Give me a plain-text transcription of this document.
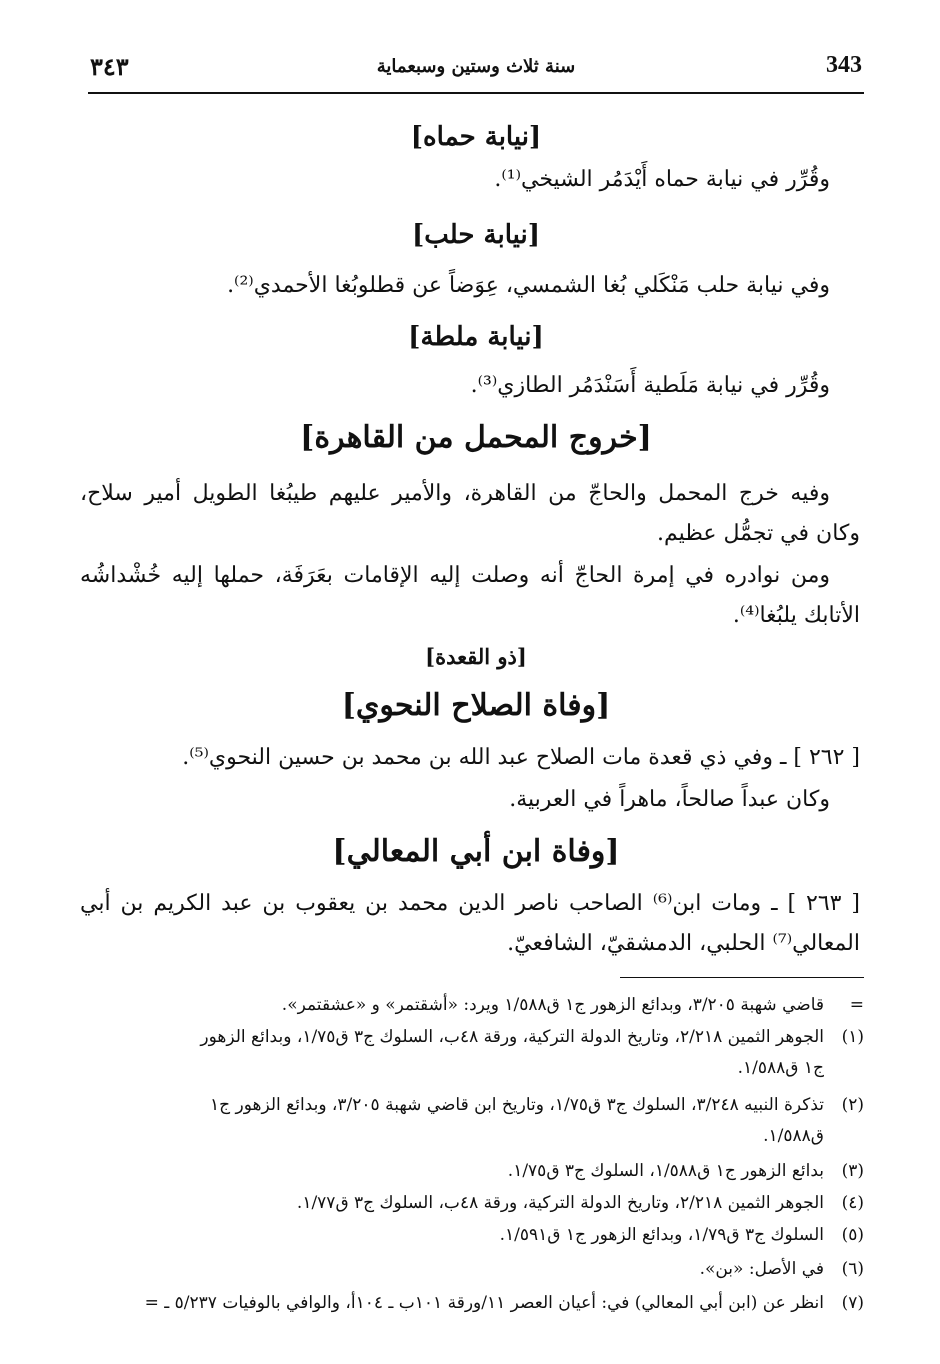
343
سنة ثلاث وستين وسبعماية
٣٤٣
[نيابة حماه]
وقُرِّر في نيابة حماه أَيْدَمُر الشيخي⁽¹⁾.
[نيابة حلب]
وفي نيابة حلب مَنْكَلي بُغا الشمسي، عِوَضاً عن قطلوبُغا الأحمدي⁽²⁾.
[نيابة ملطة]
وقُرِّر في نيابة مَلَطية أَسَنْدَمُر الطازي⁽³⁾.
[خروج المحمل من القاهرة]
وفيه خرج المحمل والحاجّ من القاهرة، والأمير عليهم طيبُغا الطويل أمير سلاح، وكان في تجمُّل عظيم.
ومن نوادره في إمرة الحاجّ أنه وصلت إليه الإقامات بعَرَفَة، حملها إليه خُشْداشُه الأتابك يلبُغا⁽⁴⁾.
[ذو القعدة]
[وفاة الصلاح النحوي]
[ ٢٦٢ ] ـ وفي ذي قعدة مات الصلاح عبد الله بن محمد بن حسين النحوي⁽⁵⁾.
وكان عبداً صالحاً، ماهراً في العربية.
[وفاة ابن أبي المعالي]
[ ٢٦٣ ] ـ ومات ابن⁽⁶⁾ الصاحب ناصر الدين محمد بن يعقوب بن عبد الكريم بن أبي المعالي⁽⁷⁾ الحلبي، الدمشقيّ، الشافعيّ.
=قاضي شهبة ٣/٢٠٥، وبدائع الزهور ج١ ق١/٥٨٨ ويرد: «أشقتمر» و «عشقتمر».
(١)الجوهر الثمين ٢/٢١٨، وتاريخ الدولة التركية، ورقة ٤٨ب، السلوك ج٣ ق١/٧٥، وبدائع الزهور
ج١ ق١/٥٨٨.
(٢)تذكرة النبيه ٣/٢٤٨، السلوك ج٣ ق١/٧٥، وتاريخ ابن قاضي شهبة ٣/٢٠٥، وبدائع الزهور ج١
ق١/٥٨٨.
(٣)بدائع الزهور ج١ ق١/٥٨٨، السلوك ج٣ ق١/٧٥.
(٤)الجوهر الثمين ٢/٢١٨، وتاريخ الدولة التركية، ورقة ٤٨ب، السلوك ج٣ ق١/٧٧.
(٥)السلوك ج٣ ق١/٧٩، وبدائع الزهور ج١ ق١/٥٩١.
(٦)في الأصل: «بن».
(٧)انظر عن (ابن أبي المعالي) في: أعيان العصر ١١/ورقة ١٠١ب ـ ١٠٤أ، والوافي بالوفيات ٥/٢٣٧ ـ =
